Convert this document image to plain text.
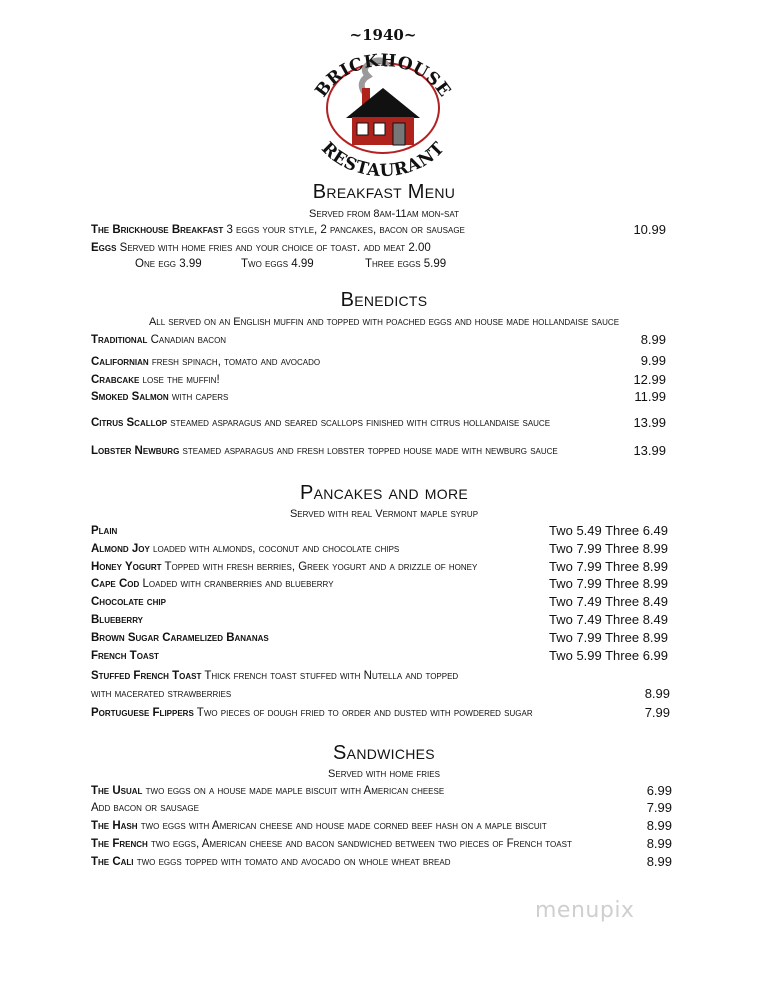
~1940~
BRICKHOUSE
RESTAURANT
Breakfast Menu
Served from 8am-11am mon-sat
The Brickhouse Breakfast 3 eggs your style, 2 pancakes, bacon or sausage	10.99
Eggs Served with home fries and your choice of toast. add meat 2.00
One egg 3.99	Two eggs 4.99	Three eggs 5.99
Benedicts
All served on an English muffin and topped with poached eggs and house made hollandaise sauce
Traditional Canadian bacon	8.99
Californian fresh spinach, tomato and avocado	9.99
Crabcake lose the muffin!	12.99
Smoked Salmon with capers	11.99
Citrus Scallop steamed asparagus and seared scallops finished with citrus hollandaise sauce	13.99
Lobster Newburg steamed asparagus and fresh lobster topped house made with newburg sauce	13.99
Pancakes and more
Served with real Vermont maple syrup
Plain	Two 5.49 Three 6.49
Almond Joy loaded with almonds, coconut and chocolate chips	Two 7.99 Three 8.99
Honey Yogurt Topped with fresh berries, Greek yogurt and a drizzle of honey	Two 7.99 Three 8.99
Cape Cod Loaded with cranberries and blueberry	Two 7.99 Three 8.99
Chocolate chip	Two 7.49 Three 8.49
Blueberry	Two 7.49 Three 8.49
Brown Sugar Caramelized Bananas	Two 7.99 Three 8.99
French Toast	Two 5.99 Three 6.99
Stuffed French Toast Thick french toast stuffed with Nutella and topped
with macerated strawberries	8.99
Portuguese Flippers Two pieces of dough fried to order and dusted with powdered sugar	7.99
Sandwiches
Served with home fries
The Usual two eggs on a house made maple biscuit with American cheese	6.99
Add bacon or sausage	7.99
The Hash two eggs with American cheese and house made corned beef hash on a maple biscuit	8.99
The French two eggs, American cheese and bacon sandwiched between two pieces of French toast	8.99
The Cali two eggs topped with tomato and avocado on whole wheat bread	8.99
menupix
